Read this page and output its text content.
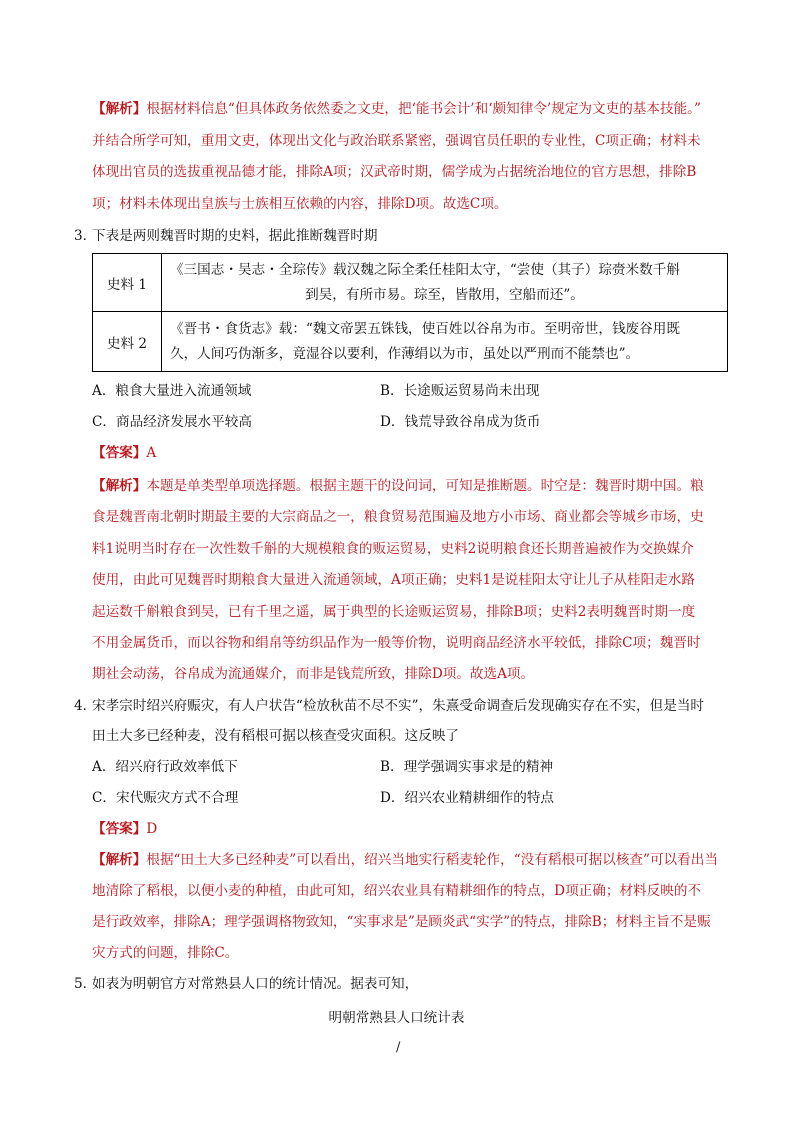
【解析】根据材料信息“但具体政务依然委之文吏，把‘能书会计’和‘颇知律令’规定为文吏的基本技能。”
并结合所学可知，重用文吏，体现出文化与政治联系紧密，强调官员任职的专业性，C项正确；材料未
体现出官员的选拔重视品德才能，排除A项；汉武帝时期，儒学成为占据统治地位的官方思想，排除B
项；材料未体现出皇族与士族相互依赖的内容，排除D项。故选C项。
3．
下表是两则魏晋时期的史料，据此推断魏晋时期
史料 1	《三国志・吴志・全琮传》载汉魏之际全柔任桂阳太守，“尝使（其子）琮赍米数千斛
到吴，有所市易。琮至，皆散用，空船而还”。

史料 2	《晋书・食货志》载：“魏文帝罢五铢钱，使百姓以谷帛为市。至明帝世，钱废谷用既
久，人间巧伪渐多，竟湿谷以要利，作薄绢以为市，虽处以严刑而不能禁也”。
A．粮食大量进入流通领域	B．长途贩运贸易尚未出现
C．商品经济发展水平较高	D．钱荒导致谷帛成为货币
【答案】A
【解析】本题是单类型单项选择题。根据主题干的设问词，可知是推断题。时空是：魏晋时期中国。粮
食是魏晋南北朝时期最主要的大宗商品之一，粮食贸易范围遍及地方小市场、商业都会等城乡市场，史
料1说明当时存在一次性数千斛的大规模粮食的贩运贸易，史料2说明粮食还长期普遍被作为交换媒介
使用，由此可见魏晋时期粮食大量进入流通领域，A项正确；史料1是说桂阳太守让儿子从桂阳走水路
起运数千斛粮食到吴，已有千里之遥，属于典型的长途贩运贸易，排除B项；史料2表明魏晋时期一度
不用金属货币，而以谷物和绢帛等纺织品作为一般等价物，说明商品经济水平较低，排除C项；魏晋时
期社会动荡，谷帛成为流通媒介，而非是钱荒所致，排除D项。故选A项。
4．
宋孝宗时绍兴府赈灾，有人户状告“检放秋苗不尽不实”，朱熹受命调查后发现确实存在不实，但是当时
田土大多已经种麦，没有稻根可据以核查受灾面积。这反映了
A．绍兴府行政效率低下	B．理学强调实事求是的精神
C．宋代赈灾方式不合理	D．绍兴农业精耕细作的特点
【答案】D
【解析】根据“田土大多已经种麦”可以看出，绍兴当地实行稻麦轮作，“没有稻根可据以核查”可以看出当
地清除了稻根，以便小麦的种植，由此可知，绍兴农业具有精耕细作的特点，D项正确；材料反映的不
是行政效率，排除A；理学强调格物致知，“实事求是”是顾炎武“实学”的特点，排除B；材料主旨不是赈
灾方式的问题，排除C。
5．
如表为明朝官方对常熟县人口的统计情况。据表可知，
明朝常熟县人口统计表
/
